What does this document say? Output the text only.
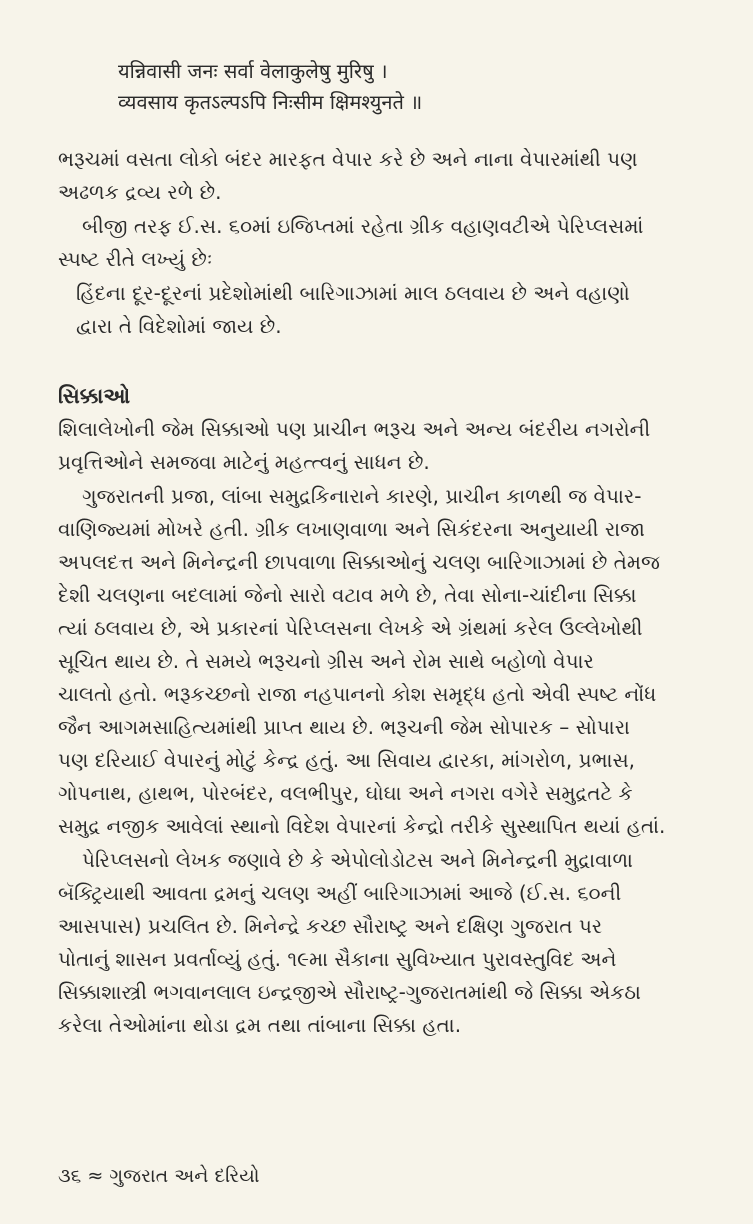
यन्निवासी जनः सर्वा वेलाकुलेषु मुरिषु ।
व्यवसाय कृतऽल्पऽपि निःसीम क्षिमश्युनते ॥
ભરૂચમાં વસતા લોકો બંદર મારફત વેપાર કરે છે અને નાના વેપારમાંથી પણ
અઢળક દ્રવ્ય રળે છે.
બીજી તરફ ઈ.સ. ૬૦માં ઇજિપ્તમાં રહેતા ગ્રીક વહાણવટીએ પેરિપ્લસમાં
સ્પષ્ટ રીતે લખ્યું છેઃ
હિંદના દૂર-દૂરનાં પ્રદેશોમાંથી બારિગાઝામાં માલ ઠલવાય છે અને વહાણો
દ્વારા તે વિદેશોમાં જાય છે.
સિક્કાઓ
શિલાલેખોની જેમ સિક્કાઓ પણ પ્રાચીન ભરૂચ અને અન્ય બંદરીય નગરોની
પ્રવૃત્તિઓને સમજવા માટેનું મહત્ત્વનું સાધન છે.
ગુજરાતની પ્રજા, લાંબા સમુદ્રકિનારાને કારણે, પ્રાચીન કાળથી જ વેપાર-
વાણિજ્યમાં મોખરે હતી. ગ્રીક લખાણવાળા અને સિકંદરના અનુયાયી રાજા
અપલદત્ત અને મિનેન્દ્રની છાપવાળા સિક્કાઓનું ચલણ બારિગાઝામાં છે તેમજ
દેશી ચલણના બદલામાં જેનો સારો વટાવ મળે છે, તેવા સોના-ચાંદીના સિક્કા
ત્યાં ઠલવાય છે, એ પ્રકારનાં પેરિપ્લસના લેખકે એ ગ્રંથમાં કરેલ ઉલ્લેખોથી
સૂચિત થાય છે. તે સમયે ભરૂચનો ગ્રીસ અને રોમ સાથે બહોળો વેપાર
ચાલતો હતો. ભરૂકચ્છનો રાજા નહપાનનો કોશ સમૃદ્ધ હતો એવી સ્પષ્ટ નોંધ
જૈન આગમસાહિત્યમાંથી પ્રાપ્ત થાય છે. ભરૂચની જેમ સોપારક – સોપારા
પણ દરિયાઈ વેપારનું મોટું કેન્દ્ર હતું. આ સિવાય દ્વારકા, માંગરોળ, પ્રભાસ,
ગોપનાથ, હાથભ, પોરબંદર, વલભીપુર, ઘોઘા અને નગરા વગેરે સમુદ્રતટે કે
સમુદ્ર નજીક આવેલાં સ્થાનો વિદેશ વેપારનાં કેન્દ્રો તરીકે સુસ્થાપિત થયાં હતાં.
પેરિપ્લસનો લેખક જણાવે છે કે એપોલોડોટસ અને મિનેન્દ્રની મુદ્રાવાળા
બૅક્ટ્રિયાથી આવતા દ્રમનું ચલણ અહીં બારિગાઝામાં આજે (ઈ.સ. ૬૦ની
આસપાસ) પ્રચલિત છે. મિનેન્દ્રે કચ્છ સૌરાષ્ટ્ર અને દક્ષિણ ગુજરાત પર
પોતાનું શાસન પ્રવર્તાવ્યું હતું. ૧૯મા સૈકાના સુવિખ્યાત પુરાવસ્તુવિદ અને
સિક્કાશાસ્ત્રી ભગવાનલાલ ઇન્દ્રજીએ સૌરાષ્ટ્ર-ગુજરાતમાંથી જે સિક્કા એકઠા
કરેલા તેઓમાંના થોડા દ્રમ તથા તાંબાના સિક્કા હતા.
૩૬ ≈ ગુજરાત અને દરિયો
